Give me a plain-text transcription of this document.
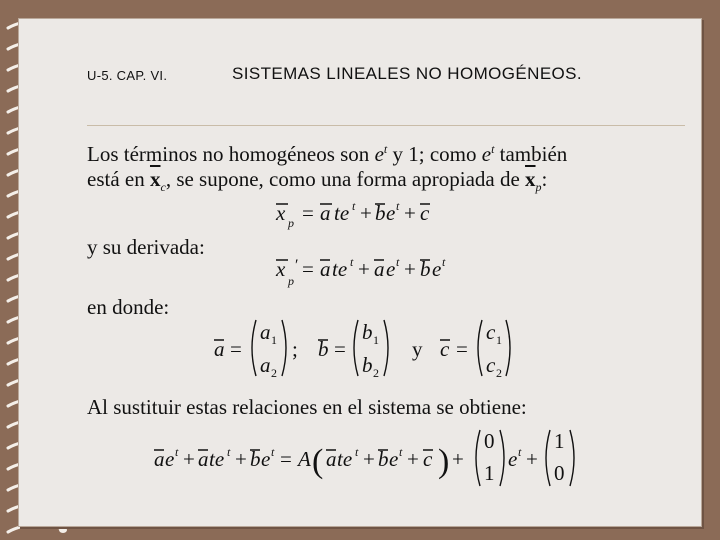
U-5. CAP. VI.	SISTEMAS LINEALES NO HOMOGÉNEOS.
Los términos no homogéneos son $e^t$ y 1; como $e^t$ también
está en $\overline{x}_c$, se supone, como una forma apropiada de $\overline{x}_p$:
x p = a te t + b e t + c
y su derivada:
x p
′ = a te t + a e t + b e t
en donde:
a =
a 1
a 2
; b =
b 1
b 2
y c =
c 1
c 2
Al sustituir estas relaciones en el sistema se obtiene:
a e t + a te t + b e t = A ( a te t + b e t + c ) +
0
1
e t +
1
0
